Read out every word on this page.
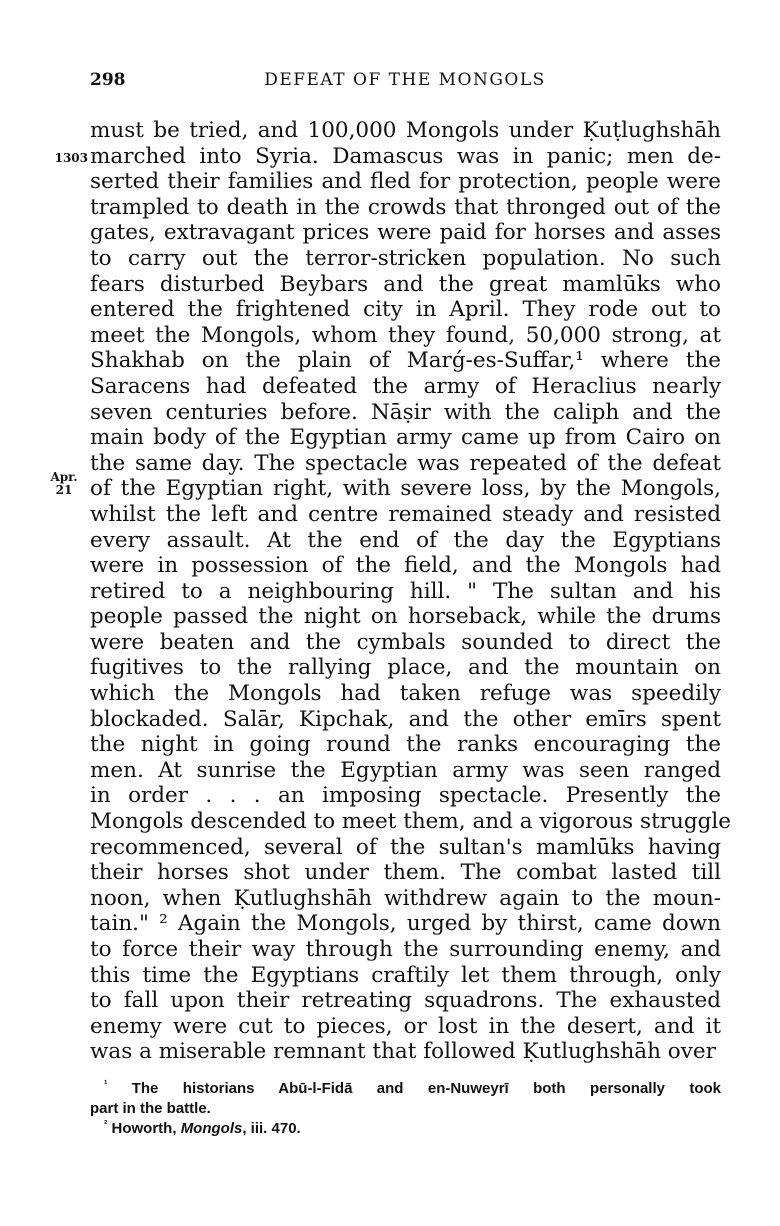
298	DEFEAT OF THE MONGOLS
1303
Apr.
21
must be tried, and 100,000 Mongols under Ḳuṭlughshāh
marched into Syria. Damascus was in panic; men de-
serted their families and fled for protection, people were
trampled to death in the crowds that thronged out of the
gates, extravagant prices were paid for horses and asses
to carry out the terror-stricken population. No such
fears disturbed Beybars and the great mamlūks who
entered the frightened city in April. They rode out to
meet the Mongols, whom they found, 50,000 strong, at
Shakhab on the plain of Marǵ-es-Suffar,¹ where the
Saracens had defeated the army of Heraclius nearly
seven centuries before. Nāṣir with the caliph and the
main body of the Egyptian army came up from Cairo on
the same day. The spectacle was repeated of the defeat
of the Egyptian right, with severe loss, by the Mongols,
whilst the left and centre remained steady and resisted
every assault. At the end of the day the Egyptians
were in possession of the field, and the Mongols had
retired to a neighbouring hill. " The sultan and his
people passed the night on horseback, while the drums
were beaten and the cymbals sounded to direct the
fugitives to the rallying place, and the mountain on
which the Mongols had taken refuge was speedily
blockaded. Salār, Kipchak, and the other emīrs spent
the night in going round the ranks encouraging the
men. At sunrise the Egyptian army was seen ranged
in order . . . an imposing spectacle. Presently the
Mongols descended to meet them, and a vigorous struggle
recommenced, several of the sultan's mamlūks having
their horses shot under them. The combat lasted till
noon, when Ḳutlughshāh withdrew again to the moun-
tain." ² Again the Mongols, urged by thirst, came down
to force their way through the surrounding enemy, and
this time the Egyptians craftily let them through, only
to fall upon their retreating squadrons. The exhausted
enemy were cut to pieces, or lost in the desert, and it
was a miserable remnant that followed Ḳutlughshāh over
$^{^1}$ The historians Abū-l-Fidā and en-Nuweyrī both personally took
part in the battle.
$^{^2}$ Howorth, Mongols, iii. 470.
